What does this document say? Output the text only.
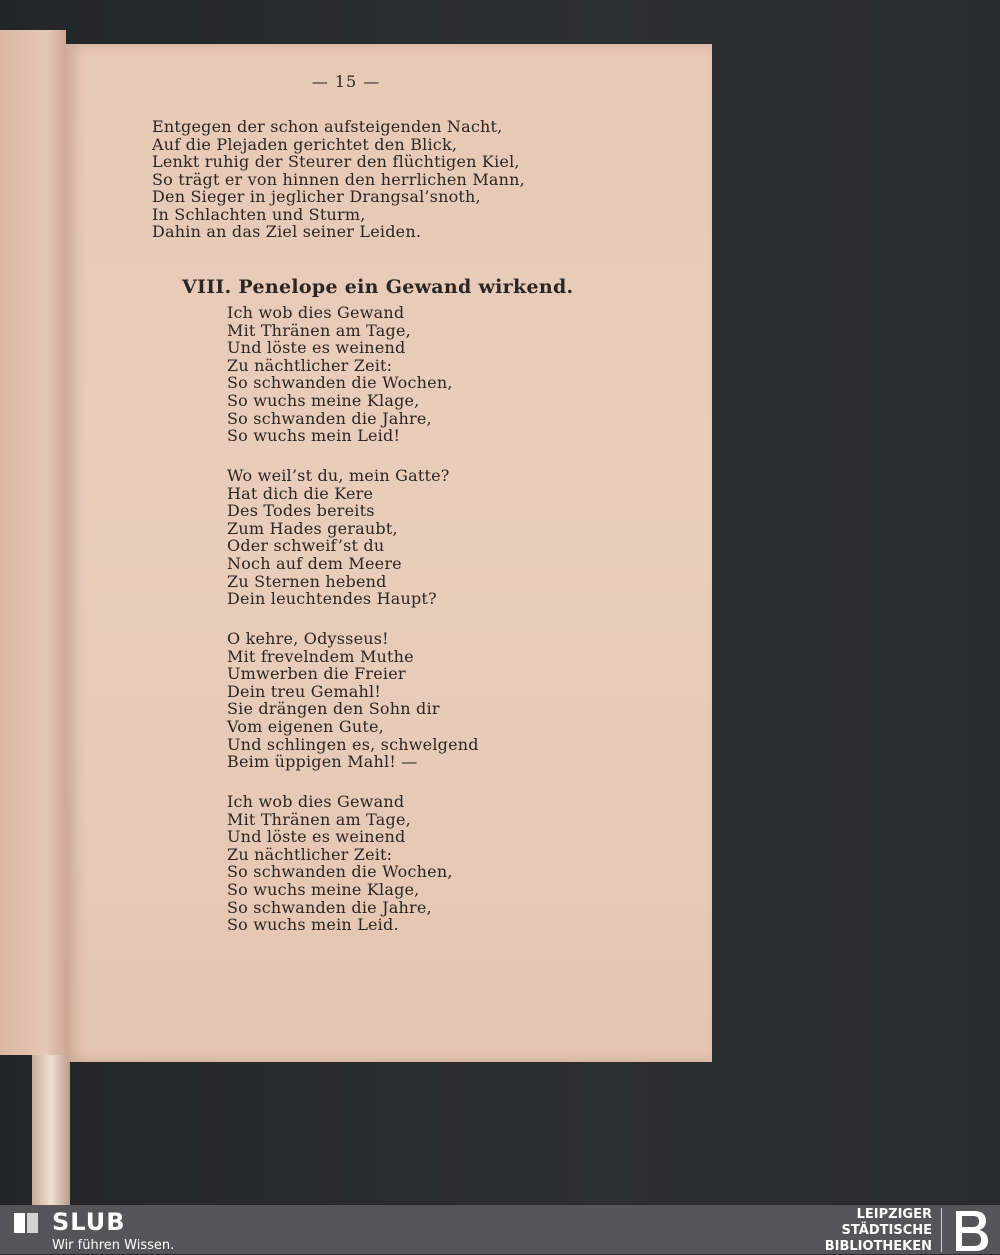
— 15 —
Entgegen der schon aufsteigenden Nacht,
Auf die Plejaden gerichtet den Blick,
Lenkt ruhig der Steurer den flüchtigen Kiel,
So trägt er von hinnen den herrlichen Mann,
Den Sieger in jeglicher Drangsal’snoth,
In Schlachten und Sturm,
Dahin an das Ziel seiner Leiden.
VIII. Penelope ein Gewand wirkend.
Ich wob dies Gewand
Mit Thränen am Tage,
Und löste es weinend
Zu nächtlicher Zeit:
So schwanden die Wochen,
So wuchs meine Klage,
So schwanden die Jahre,
So wuchs mein Leid!
Wo weil’st du, mein Gatte?
Hat dich die Kere
Des Todes bereits
Zum Hades geraubt,
Oder schweif’st du
Noch auf dem Meere
Zu Sternen hebend
Dein leuchtendes Haupt?
O kehre, Odysseus!
Mit frevelndem Muthe
Umwerben die Freier
Dein treu Gemahl!
Sie drängen den Sohn dir
Vom eigenen Gute,
Und schlingen es, schwelgend
Beim üppigen Mahl! —
Ich wob dies Gewand
Mit Thränen am Tage,
Und löste es weinend
Zu nächtlicher Zeit:
So schwanden die Wochen,
So wuchs meine Klage,
So schwanden die Jahre,
So wuchs mein Leid.
SLUB
Wir führen Wissen.
LEIPZIGER
STÄDTISCHE
BIBLIOTHEKEN
